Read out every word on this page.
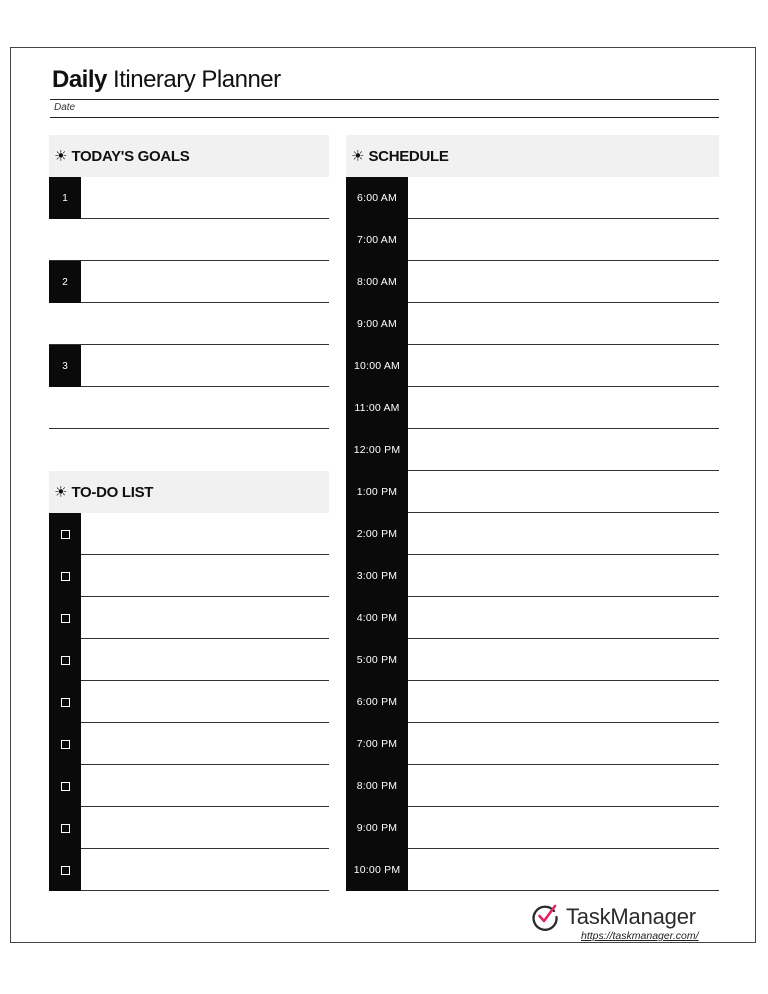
Daily Itinerary Planner
Date
☀ TODAY'S GOALS
1
2
3
☀ TO-DO LIST
☀ SCHEDULE
6:00 AM
7:00 AM
8:00 AM
9:00 AM
10:00 AM
11:00 AM
12:00 PM
1:00 PM
2:00 PM
3:00 PM
4:00 PM
5:00 PM
6:00 PM
7:00 PM
8:00 PM
9:00 PM
10:00 PM
TaskManager
https://taskmanager.com/
